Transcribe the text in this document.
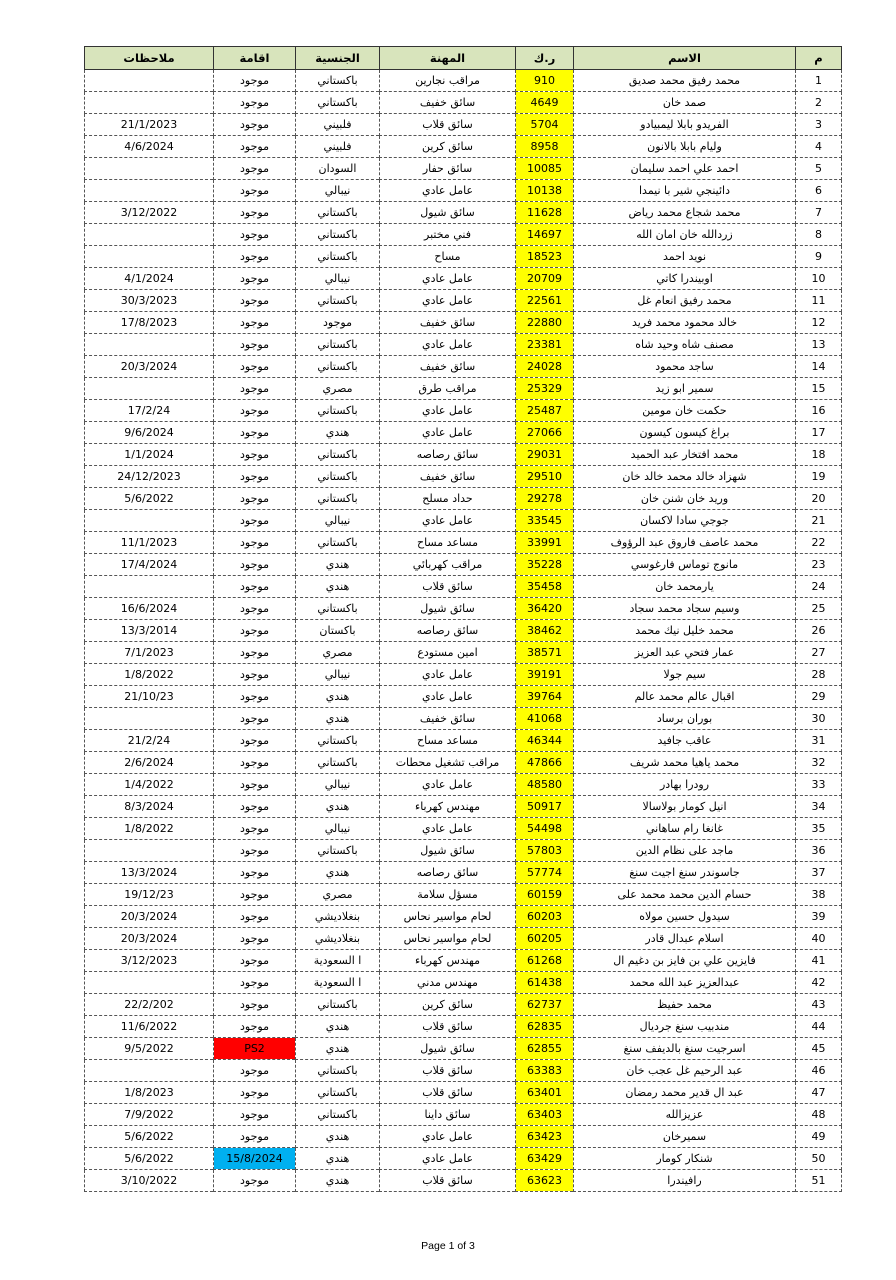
م	الاسم	ر.ك	المهنة	الجنسية	اقامة	ملاحظات
1	محمد رفيق محمد صديق	910	مراقب نجارين	باكستاني	موجود	
2	صمد خان	4649	سائق خفيف	باكستاني	موجود	
3	الفريدو بابلا ليمبيادو	5704	سائق قلاب	فلبيني	موجود	21/1/2023
4	وليام بابلا بالانون	8958	سائق كرين	فلبيني	موجود	4/6/2024
5	احمد علي احمد سليمان	10085	سائق حفار	السودان	موجود	
6	دائينجي شير با نيمدا	10138	عامل عادي	نيبالي	موجود	
7	محمد شجاع محمد رياض	11628	سائق شيول	باكستاني	موجود	3/12/2022
8	زردالله خان امان الله	14697	فني مختبر	باكستاني	موجود	
9	نويد احمد	18523	مساح	باكستاني	موجود	
10	اوبيندرا كاتي	20709	عامل عادي	نيبالي	موجود	4/1/2024
11	محمد رفيق انعام غل	22561	عامل عادي	باكستاني	موجود	30/3/2023
12	خالد محمود محمد فريد	22880	سائق خفيف	موجود	موجود	17/8/2023
13	مصنف شاه وحيد شاه	23381	عامل عادي	باكستاني	موجود	
14	ساجد محمود	24028	سائق خفيف	باكستاني	موجود	20/3/2024
15	سمير ابو زيد	25329	مراقب طرق	مصري	موجود	
16	حكمت خان مومين	25487	عامل عادي	باكستاني	موجود	17/2/24
17	براغ كيسون كيسون	27066	عامل عادي	هندي	موجود	9/6/2024
18	محمد افتخار عبد الحميد	29031	سائق رصاصه	باكستاني	موجود	1/1/2024
19	شهزاد خالد محمد خالد خان	29510	سائق خفيف	باكستاني	موجود	24/12/2023
20	وريد خان شنن خان	29278	حداد مسلح	باكستاني	موجود	5/6/2022
21	جوجي سادا لاكسان	33545	عامل عادي	نيبالي	موجود	
22	محمد عاصف فاروق عبد الرؤوف	33991	مساعد مساح	باكستاني	موجود	11/1/2023
23	مانوج توماس فارغوسي	35228	مراقب كهربائي	هندي	موجود	17/4/2024
24	يارمحمد خان	35458	سائق قلاب	هندي	موجود	
25	وسيم سجاد محمد سجاد	36420	سائق شيول	باكستاني	موجود	16/6/2024
26	محمد خليل نيك محمد	38462	سائق رصاصه	باكستان	موجود	13/3/2014
27	عمار فتحي عبد العزيز	38571	امين مستودع	مصري	موجود	7/1/2023
28	سيم جولا	39191	عامل عادي	نيبالي	موجود	1/8/2022
29	اقبال عالم محمد عالم	39764	عامل عادي	هندي	موجود	21/10/23
30	بوران برساد	41068	سائق خفيف	هندي	موجود	
31	عاقب جافيد	46344	مساعد مساح	باكستاني	موجود	21/2/24
32	محمد ياهيا محمد شريف	47866	مراقب تشغيل محطات	باكستاني	موجود	2/6/2024
33	رودرا بهادر	48580	عامل عادي	نيبالي	موجود	1/4/2022
34	انيل كومار بولاسالا	50917	مهندس كهرباء	هندي	موجود	8/3/2024
35	غانغا رام ساهاني	54498	عامل عادي	نيبالي	موجود	1/8/2022
36	ماجد على نظام الدين	57803	سائق شيول	باكستاني	موجود	
37	جاسوندر سنغ اجيت سنغ	57774	سائق رصاصه	هندي	موجود	13/3/2024
38	حسام الدين محمد محمد على	60159	مسؤل سلامة	مصري	موجود	19/12/23
39	سيدول حسين مولاه	60203	لحام مواسير نحاس	بنغلاديشي	موجود	20/3/2024
40	اسلام عبدال قادر	60205	لحام مواسير نحاس	بنغلاديشي	موجود	20/3/2024
41	فايزين علي بن فايز بن دغيم ال	61268	مهندس كهرباء	ا السعودية	موجود	3/12/2023
42	عبدالعزيز عبد الله محمد	61438	مهندس مدني	ا السعودية	موجود	
43	محمد حفيظ	62737	سائق كرين	باكستاني	موجود	22/2/202
44	مندبيب سنغ جرديال	62835	سائق قلاب	هندي	موجود	11/6/2022
45	اسرجيت سنغ بالديفف سنغ	62855	سائق شيول	هندي	PS2	9/5/2022
46	عبد الرحيم غل عجب خان	63383	سائق قلاب	باكستاني	موجود	
47	عبد ال قدير محمد رمضان	63401	سائق قلاب	باكستاني	موجود	1/8/2023
48	عزيزالله	63403	سائق داينا	باكستاني	موجود	7/9/2022
49	سميرخان	63423	عامل عادي	هندي	موجود	5/6/2022
50	شنكار كومار	63429	عامل عادي	هندي	15/8/2024	5/6/2022
51	رافيندرا	63623	سائق قلاب	هندي	موجود	3/10/2022
Page 1 of 3
